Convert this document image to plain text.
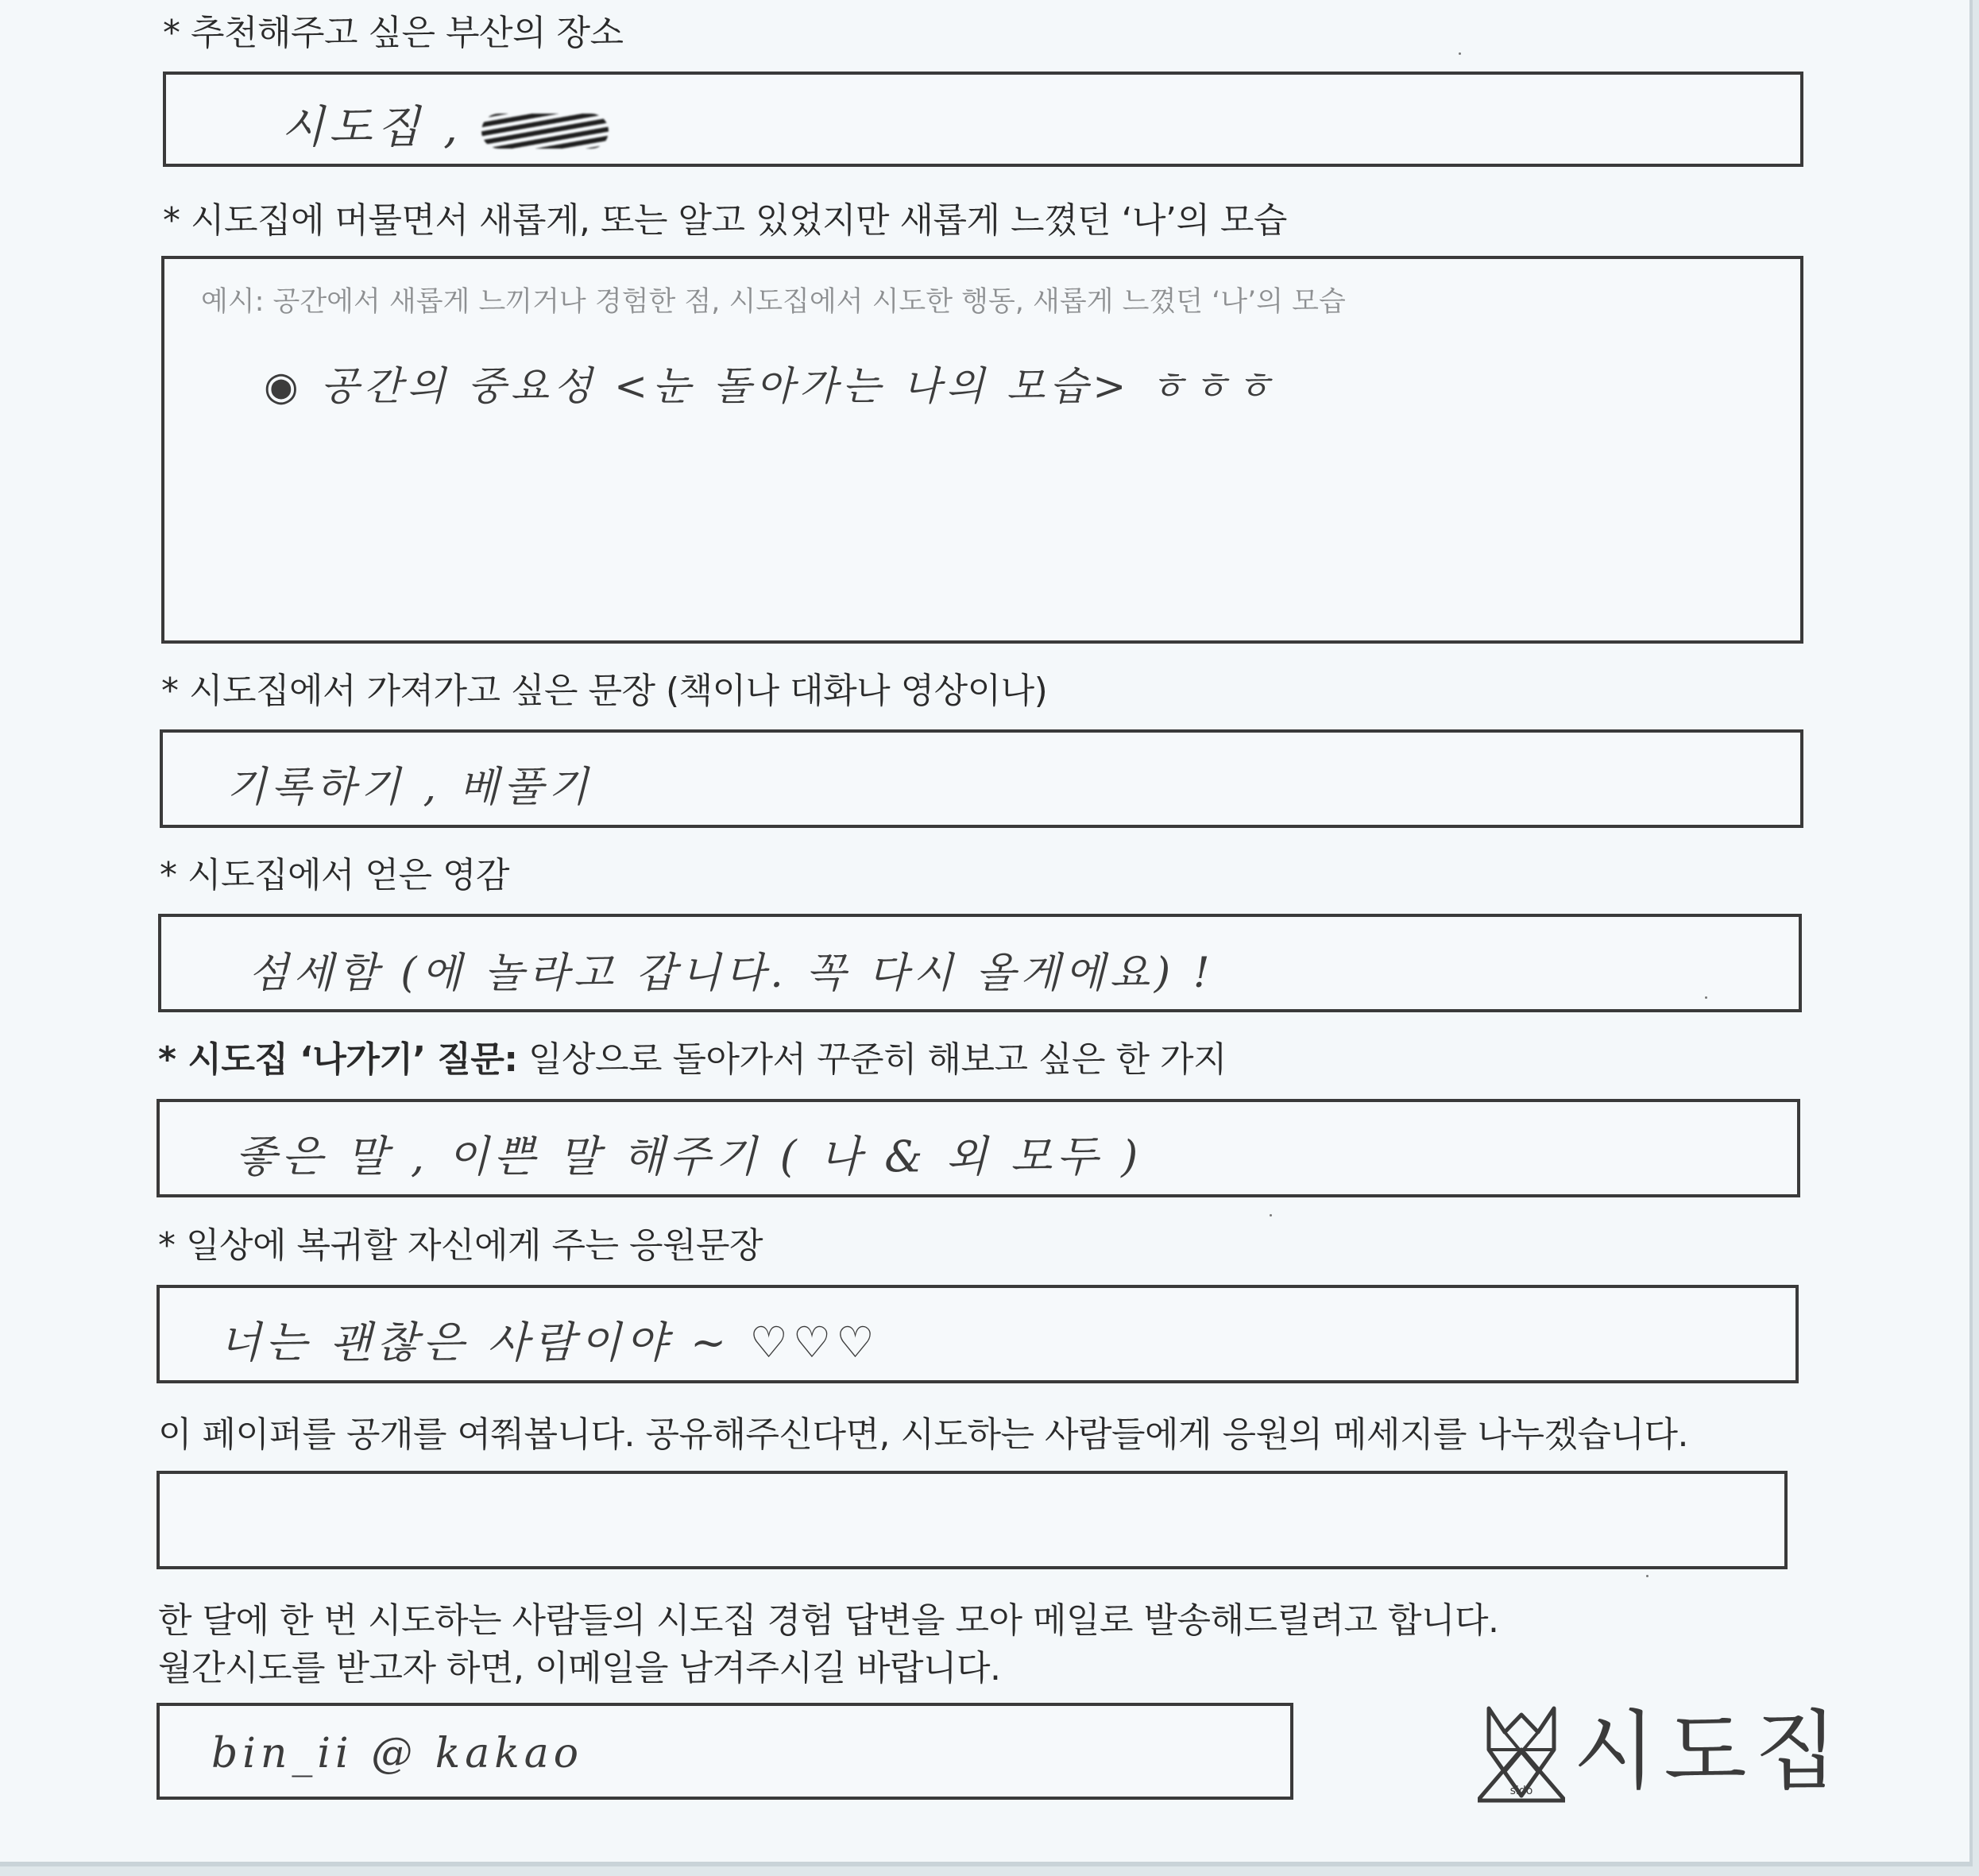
* 추천해주고 싶은 부산의 장소
시도집 ,
* 시도집에 머물면서 새롭게, 또는 알고 있었지만 새롭게 느꼈던 ‘나’의 모습
예시: 공간에서 새롭게 느끼거나 경험한 점, 시도집에서 시도한 행동, 새롭게 느꼈던 ‘나’의 모습
◉ 공간의 중요성 <눈 돌아가는 나의 모습> ㅎㅎㅎ
* 시도집에서 가져가고 싶은 문장 (책이나 대화나 영상이나)
기록하기 , 베풀기
* 시도집에서 얻은 영감
섬세함 (에 놀라고 갑니다. 꼭 다시 올게에요) !
* 시도집 ‘나가기’ 질문: 일상으로 돌아가서 꾸준히 해보고 싶은 한 가지
좋은 말 , 이쁜 말 해주기 ( 나 & 외 모두 )
* 일상에 복귀할 자신에게 주는 응원문장
너는 괜찮은 사람이야 ~ ♡♡♡
이 페이퍼를 공개를 여쭤봅니다. 공유해주신다면, 시도하는 사람들에게 응원의 메세지를 나누겠습니다.
한 달에 한 번 시도하는 사람들의 시도집 경험 답변을 모아 메일로 발송해드릴려고 합니다.
월간시도를 받고자 하면, 이메일을 남겨주시길 바랍니다.
bin_ii @ kakao
sido 시도집
